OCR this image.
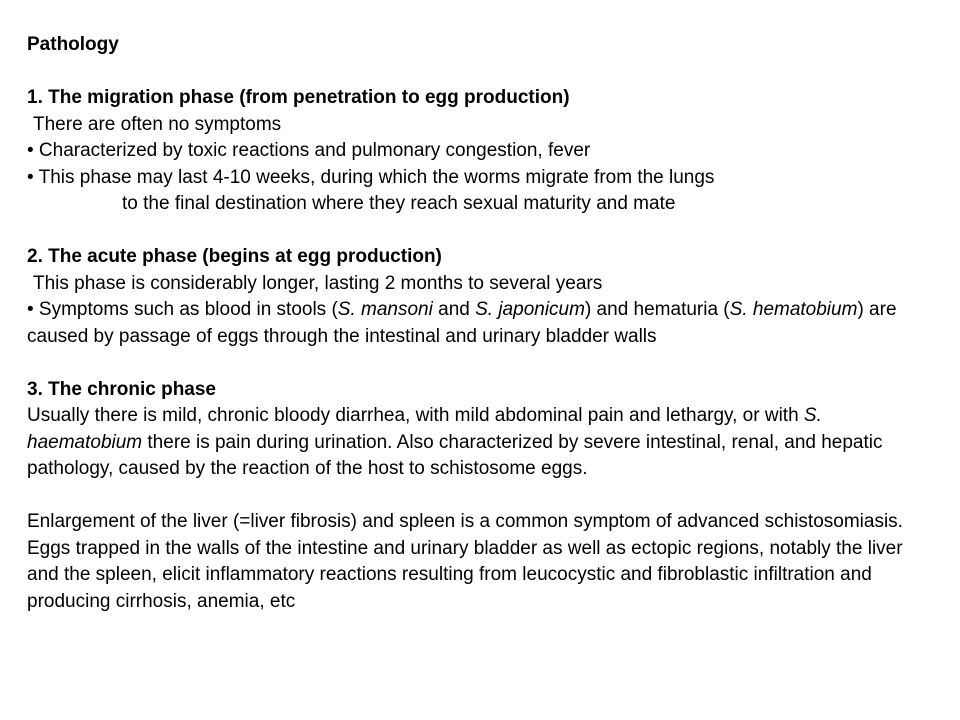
Pathology
1. The migration phase (from penetration to egg production)
There are often no symptoms
• Characterized by toxic reactions and pulmonary congestion, fever
• This phase may last 4-10 weeks, during which the worms migrate from the lungs
to the final destination where they reach sexual maturity and mate
2. The acute phase (begins at egg production)
This phase is considerably longer, lasting 2 months to several years
• Symptoms such as blood in stools (S. mansoni and S. japonicum) and hematuria (S. hematobium) are caused by passage of eggs through the intestinal and urinary bladder walls
3. The chronic phase
Usually there is mild, chronic bloody diarrhea, with mild abdominal pain and lethargy, or with S. haematobium there is pain during urination. Also characterized by severe intestinal, renal, and hepatic pathology, caused by the reaction of the host to schistosome eggs.
Enlargement of the liver (=liver fibrosis) and spleen is a common symptom of advanced schistosomiasis. Eggs trapped in the walls of the intestine and urinary bladder as well as ectopic regions, notably the liver and the spleen, elicit inflammatory reactions resulting from leucocystic and fibroblastic infiltration and producing cirrhosis, anemia, etc
